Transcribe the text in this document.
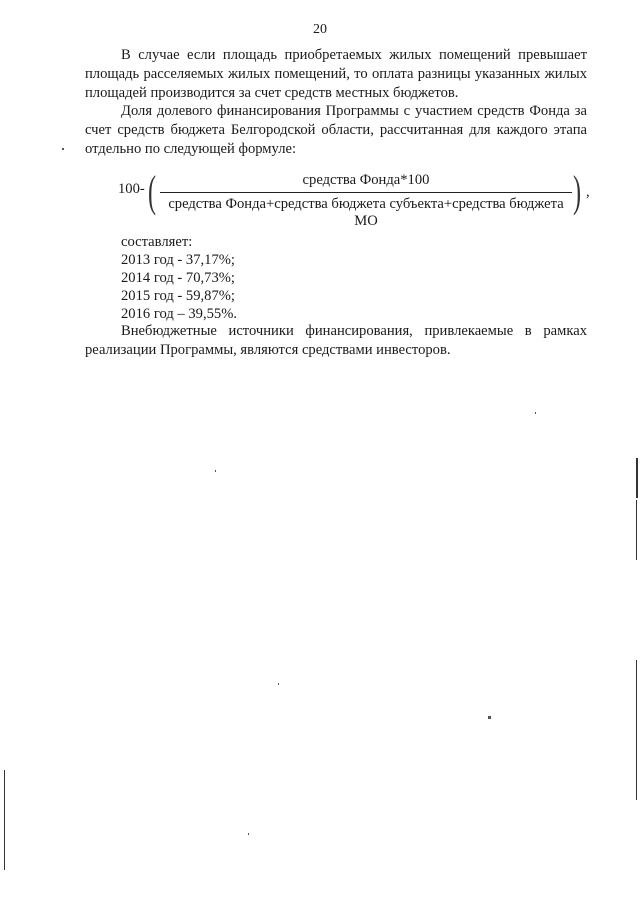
20

В случае если площадь приобретаемых жилых помещений превышает площадь расселяемых жилых помещений, то оплата разницы указанных жилых площадей производится за счет средств местных бюджетов.

Доля долевого финансирования Программы с участием средств Фонда за счет средств бюджета Белгородской области, рассчитанная для каждого этапа отдельно по следующей формуле:

100- (	средства Фонда*100
средства Фонда+средства бюджета субъекта+средства бюджета МО
) ,
составляет:
2013 год - 37,17%;
2014 год - 70,73%;
2015 год - 59,87%;
2016 год – 39,55%.

Внебюджетные источники финансирования, привлекаемые в рамках реализации Программы, являются средствами инвесторов.
